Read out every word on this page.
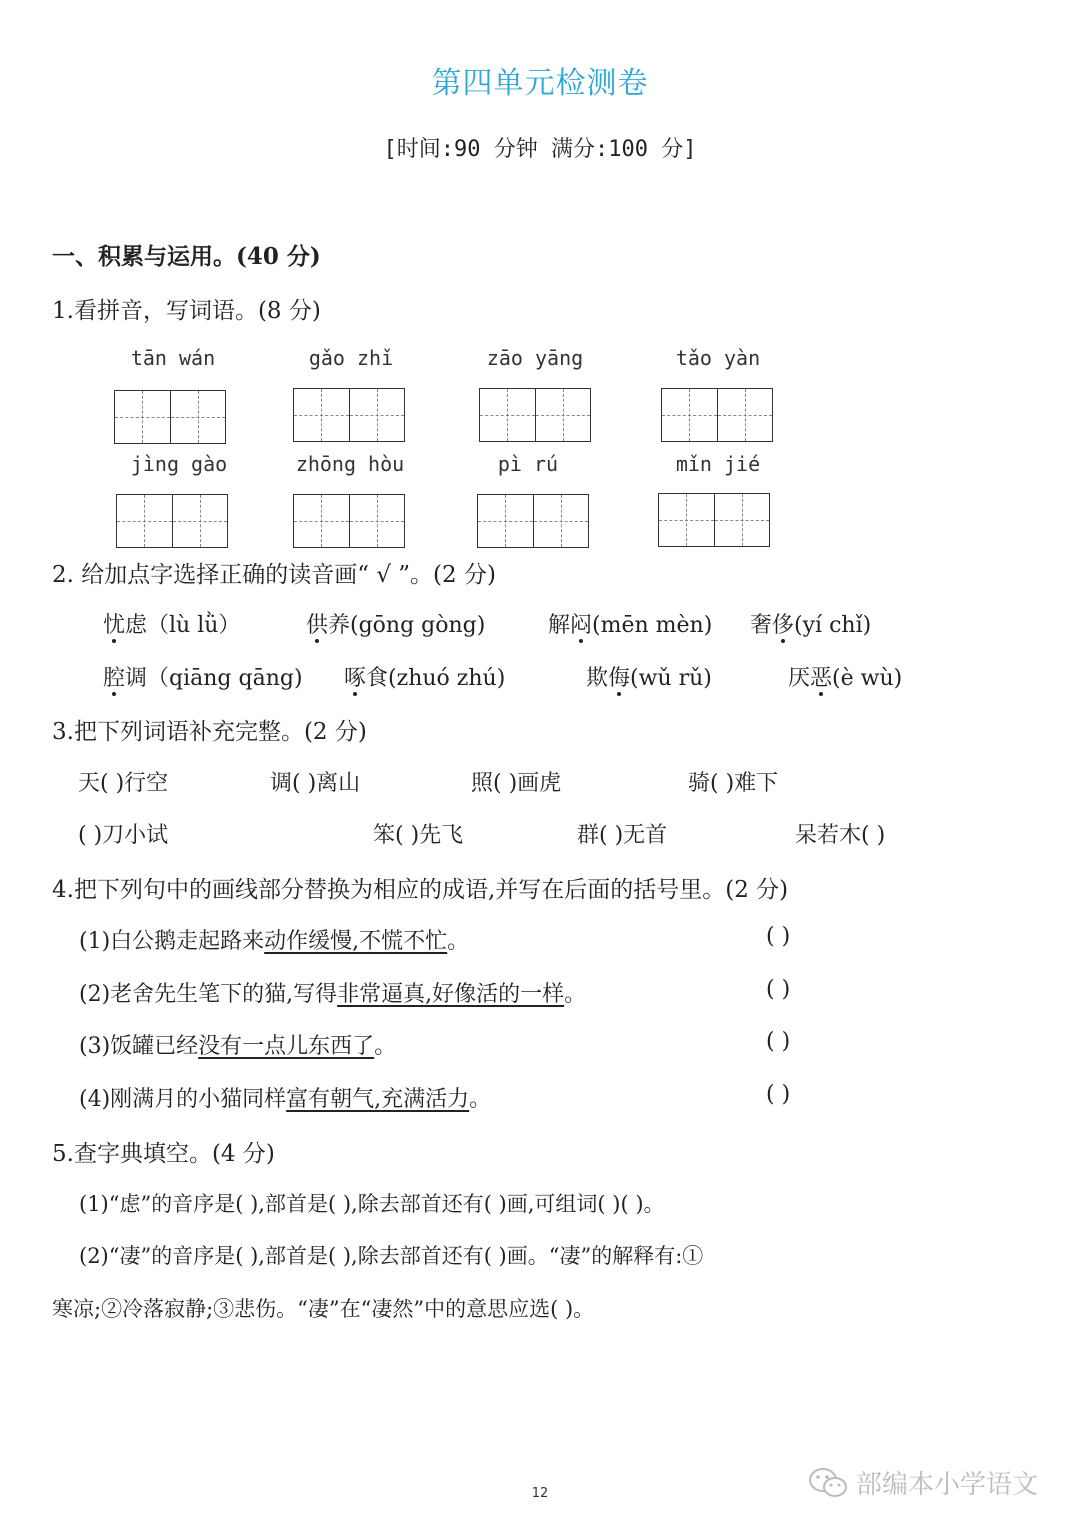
第四单元检测卷
[时间:90 分钟 满分:100 分]
一、积累与运用。(40 分)
1.看拼音，写词语。(8 分)
tān wán	gǎo zhǐ	zāo yāng	tǎo yàn
jìng gào	zhōng hòu	pì rú	mǐn jié
2. 给加点字选择正确的读音画“ √ ”。(2 分)
忧虑（lù lǜ）	供养(gōng gòng)	解闷(mēn mèn) 奢侈(yí chǐ)
腔调（qiāng qāng) 啄食(zhuó zhú)	欺侮(wǔ rǔ)	厌恶(è wù)
3.把下列词语补充完整。(2 分)
天( )行空	调( )离山	照( )画虎	骑( )难下
( )刀小试	笨( )先飞	群( )无首	呆若木( )
4.把下列句中的画线部分替换为相应的成语,并写在后面的括号里。(2 分)
(1)白公鹅走起路来动作缓慢,不慌不忙。	( )
(2)老舍先生笔下的猫,写得非常逼真,好像活的一样。	( )
(3)饭罐已经没有一点儿东西了。	( )
(4)刚满月的小猫同样富有朝气,充满活力。	( )
5.查字典填空。(4 分)
(1)“虑”的音序是( ),部首是( ),除去部首还有( )画,可组词( )( )。
(2)“凄”的音序是( ),部首是( ),除去部首还有( )画。“凄”的解释有:①
寒凉;②冷落寂静;③悲伤。“凄”在“凄然”中的意思应选( )。
12	部编本小学语文
